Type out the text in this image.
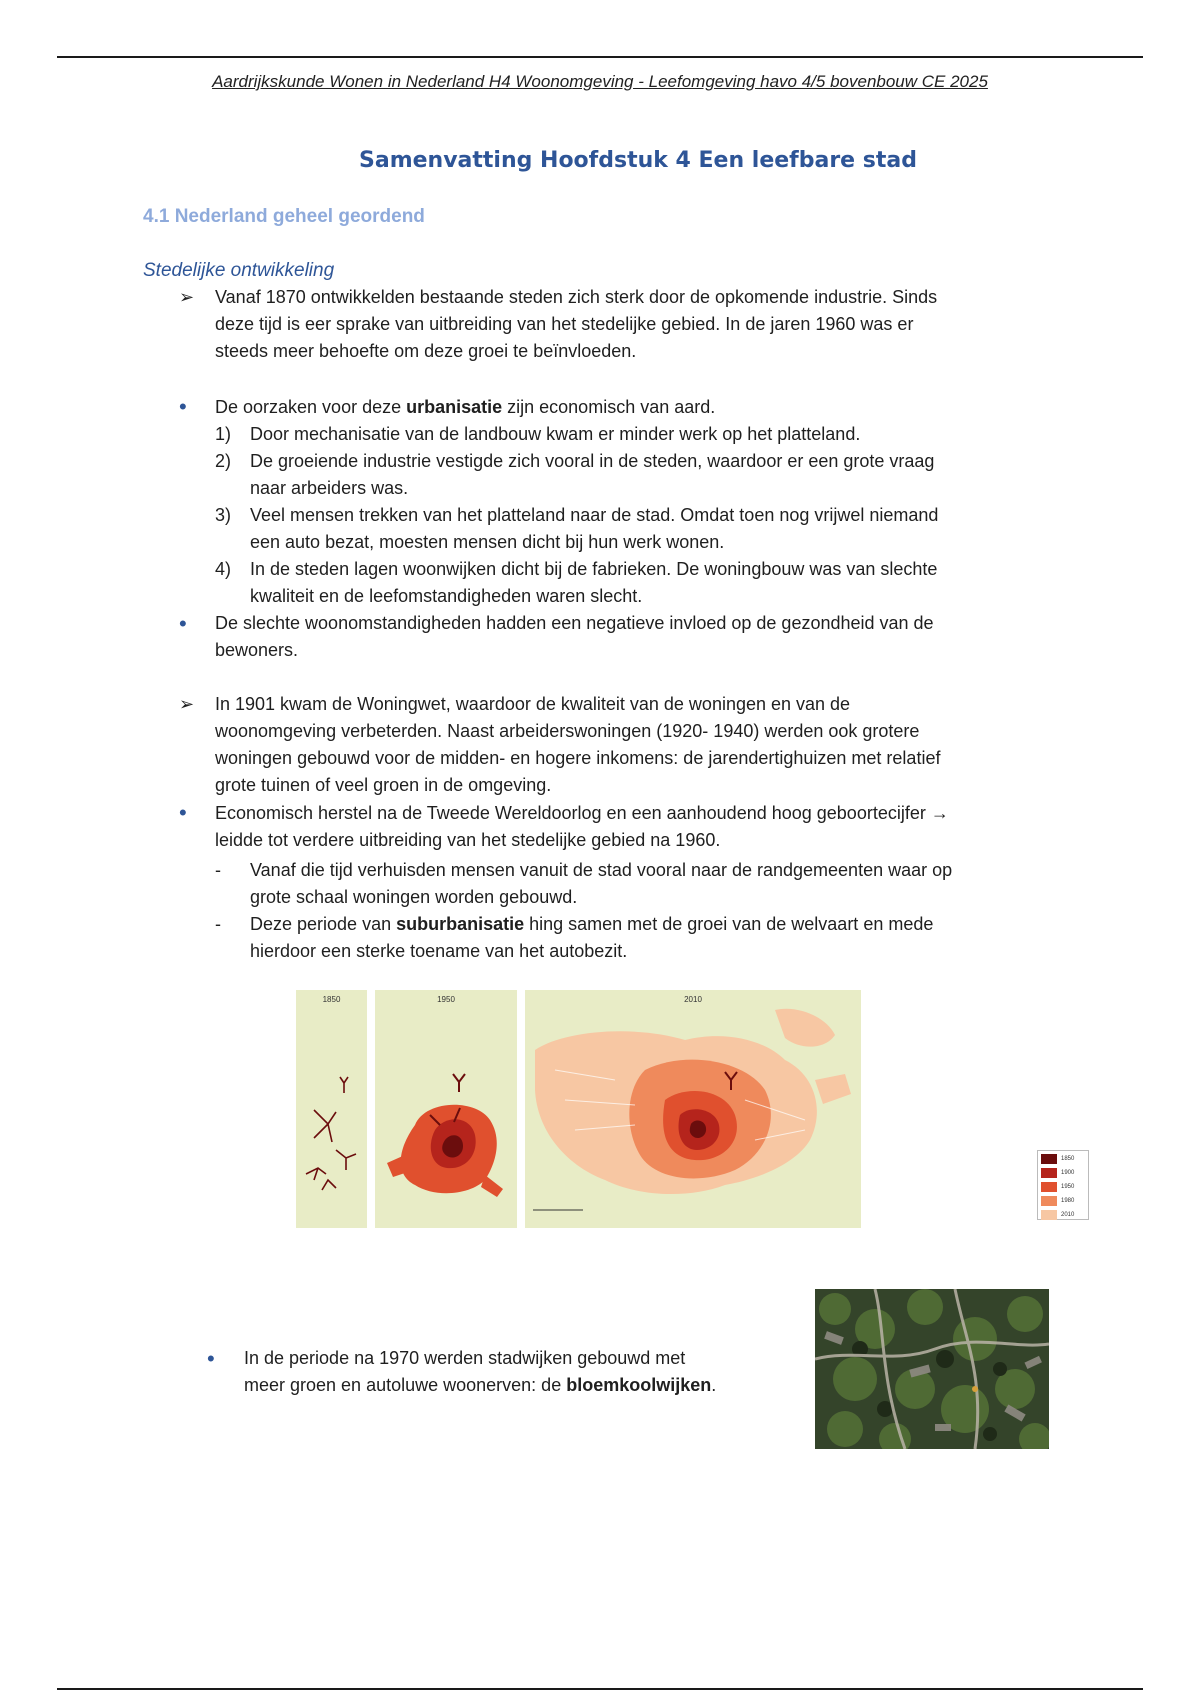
Aardrijkskunde Wonen in Nederland H4 Woonomgeving - Leefomgeving havo 4/5 bovenbouw CE 2025
Samenvatting Hoofdstuk 4 Een leefbare stad
4.1 Nederland geheel geordend
Stedelijke ontwikkeling
➢ Vanaf 1870 ontwikkelden bestaande steden zich sterk door de opkomende industrie. Sinds
deze tijd is eer sprake van uitbreiding van het stedelijke gebied. In de jaren 1960 was er
steeds meer behoefte om deze groei te beïnvloeden.
• De oorzaken voor deze urbanisatie zijn economisch van aard.
1) Door mechanisatie van de landbouw kwam er minder werk op het platteland.
2) De groeiende industrie vestigde zich vooral in de steden, waardoor er een grote vraag
naar arbeiders was.
3) Veel mensen trekken van het platteland naar de stad. Omdat toen nog vrijwel niemand
een auto bezat, moesten mensen dicht bij hun werk wonen.
4) In de steden lagen woonwijken dicht bij de fabrieken. De woningbouw was van slechte
kwaliteit en de leefomstandigheden waren slecht.
• De slechte woonomstandigheden hadden een negatieve invloed op de gezondheid van de
bewoners.
➢ In 1901 kwam de Woningwet, waardoor de kwaliteit van de woningen en van de
woonomgeving verbeterden. Naast arbeiderswoningen (1920- 1940) werden ook grotere
woningen gebouwd voor de midden- en hogere inkomens: de jarendertighuizen met relatief
grote tuinen of veel groen in de omgeving.
• Economisch herstel na de Tweede Wereldoorlog en een aanhoudend hoog geboortecijfer →
leidde tot verdere uitbreiding van het stedelijke gebied na 1960.
- Vanaf die tijd verhuisden mensen vanuit de stad vooral naar de randgemeenten waar op
grote schaal woningen worden gebouwd.
- Deze periode van suburbanisatie hing samen met de groei van de welvaart en mede
hierdoor een sterke toename van het autobezit.
1850	1950	2010
1850
1900
1950
1980
2010
• In de periode na 1970 werden stadwijken gebouwd met
meer groen en autoluwe woonerven: de bloemkoolwijken.
